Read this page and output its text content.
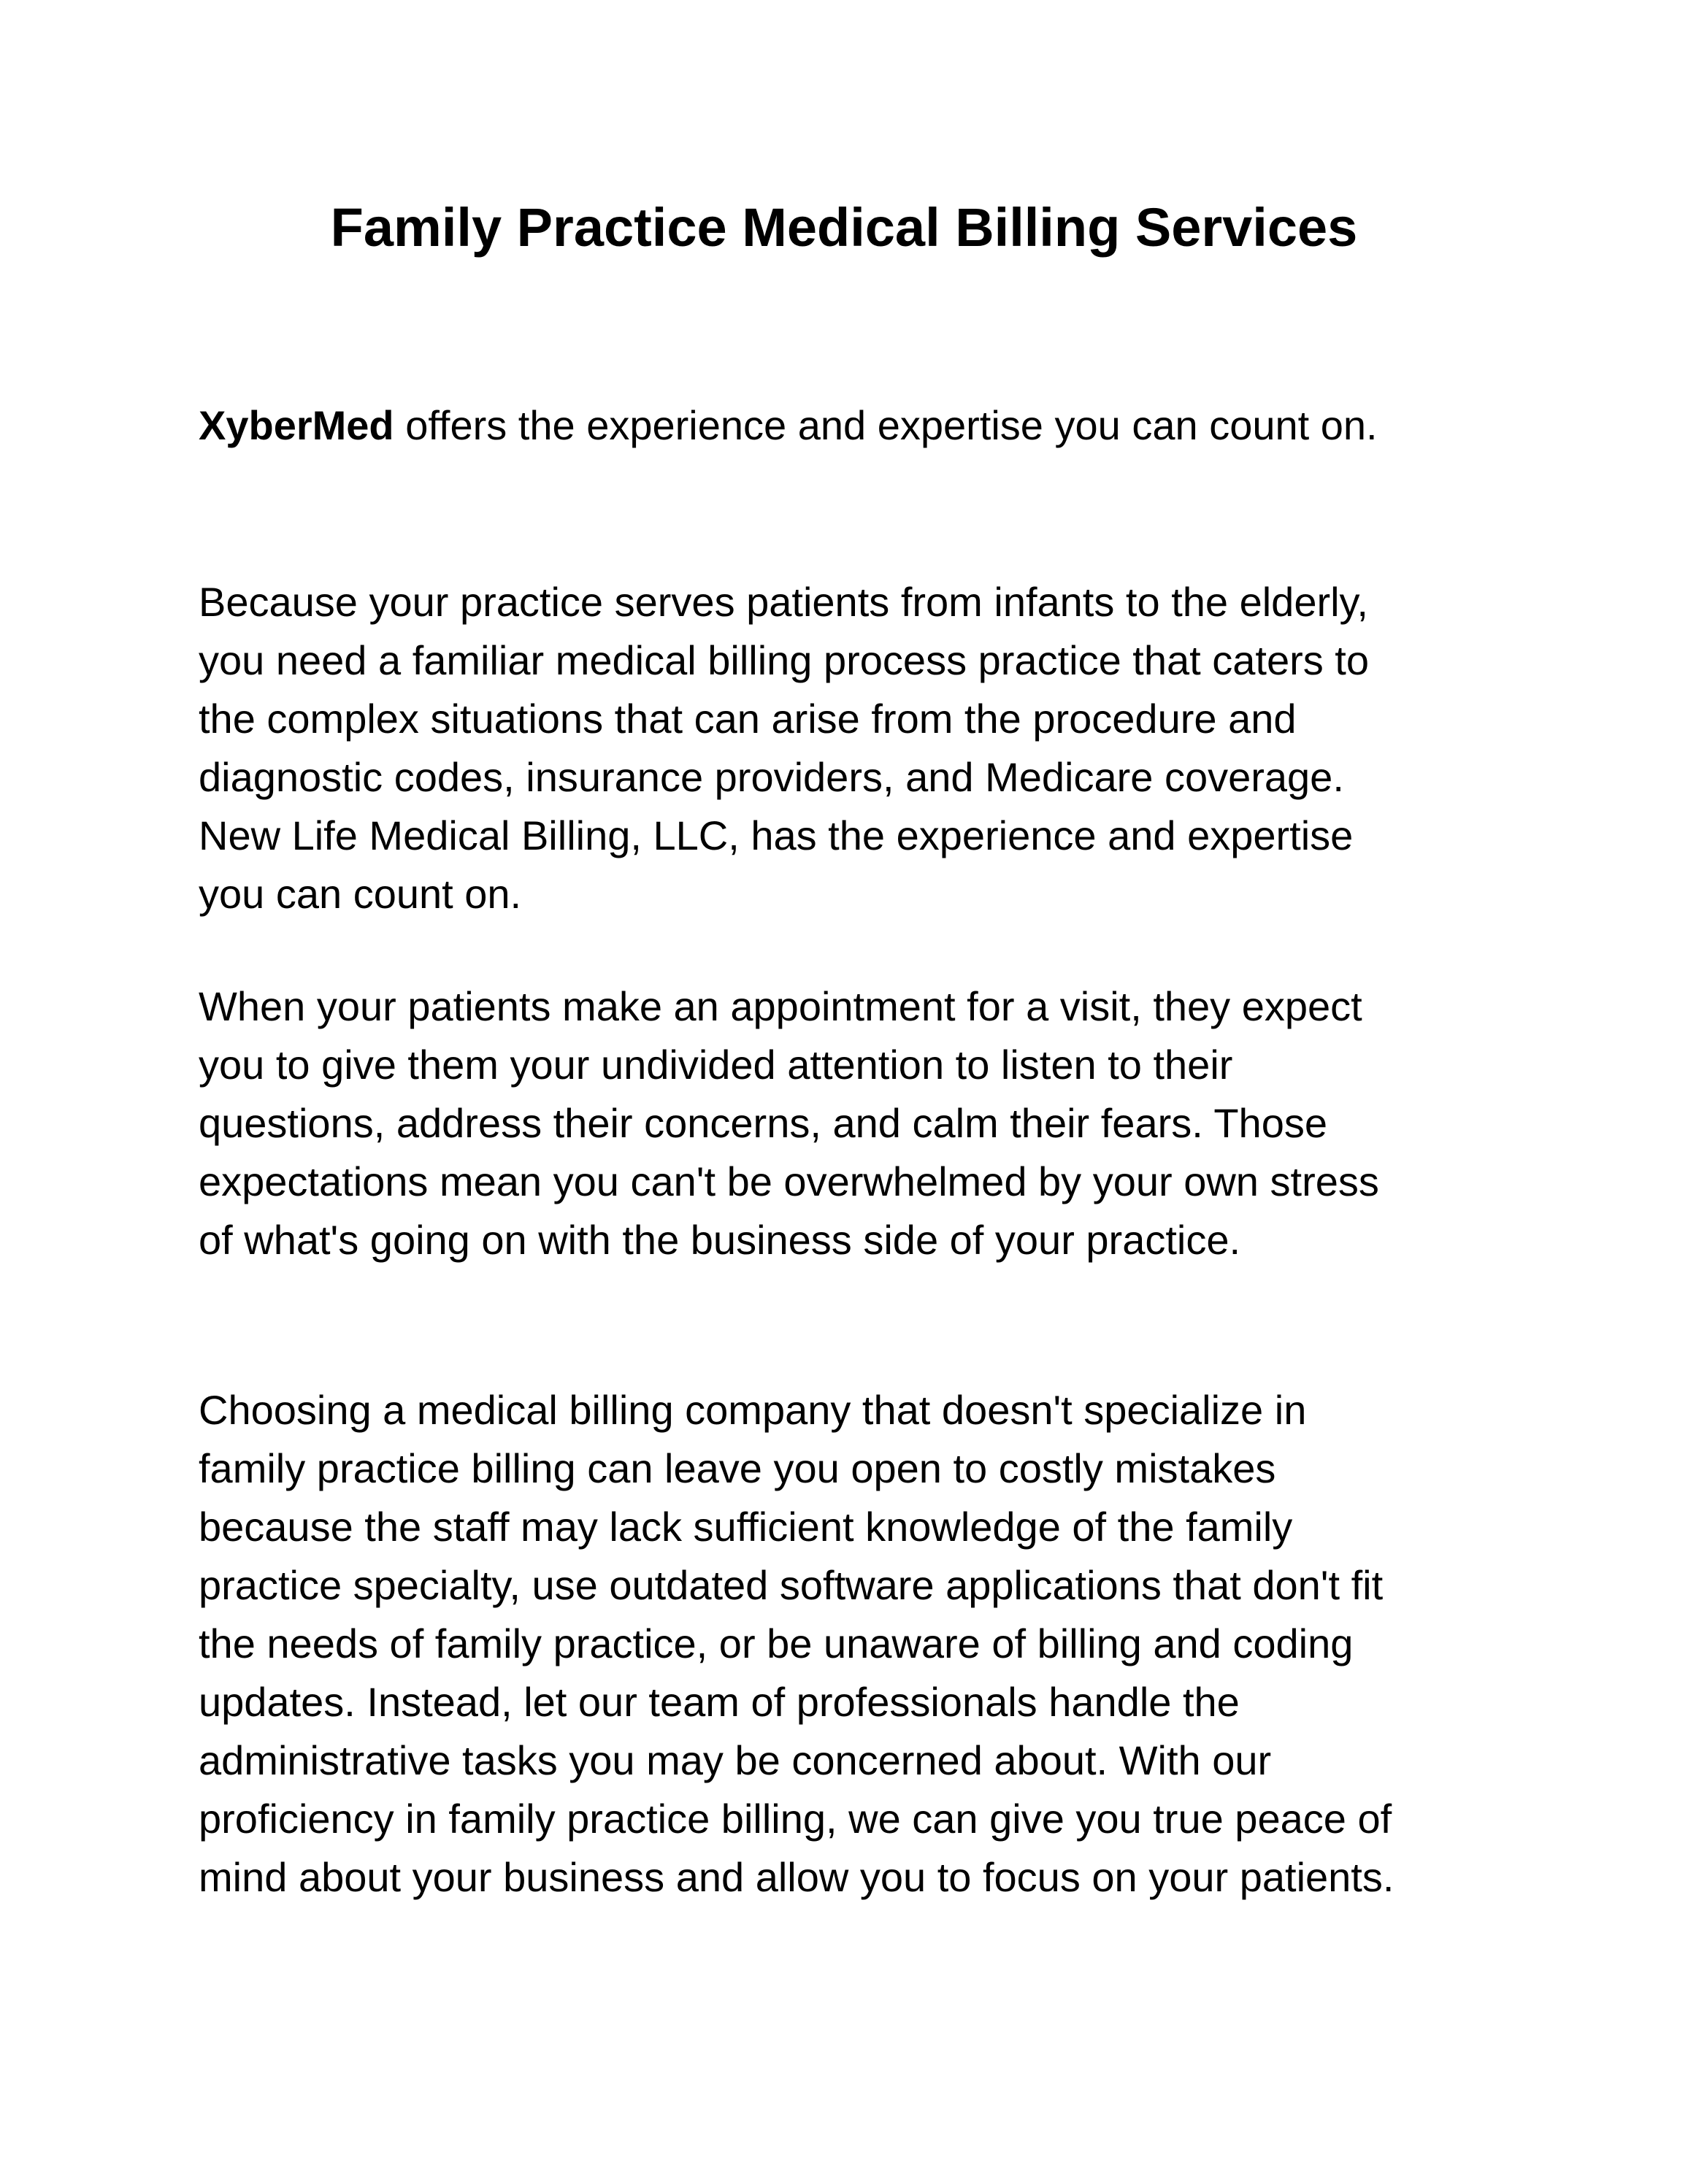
Family Practice Medical Billing Services

XyberMed offers the experience and expertise you can count on.

Because your practice serves patients from infants to the elderly,
you need a familiar medical billing process practice that caters to
the complex situations that can arise from the procedure and
diagnostic codes, insurance providers, and Medicare coverage.
New Life Medical Billing, LLC, has the experience and expertise
you can count on.

When your patients make an appointment for a visit, they expect
you to give them your undivided attention to listen to their
questions, address their concerns, and calm their fears. Those
expectations mean you can't be overwhelmed by your own stress
of what's going on with the business side of your practice.

Choosing a medical billing company that doesn't specialize in
family practice billing can leave you open to costly mistakes
because the staff may lack sufficient knowledge of the family
practice specialty, use outdated software applications that don't fit
the needs of family practice, or be unaware of billing and coding
updates. Instead, let our team of professionals handle the
administrative tasks you may be concerned about. With our
proficiency in family practice billing, we can give you true peace of
mind about your business and allow you to focus on your patients.
